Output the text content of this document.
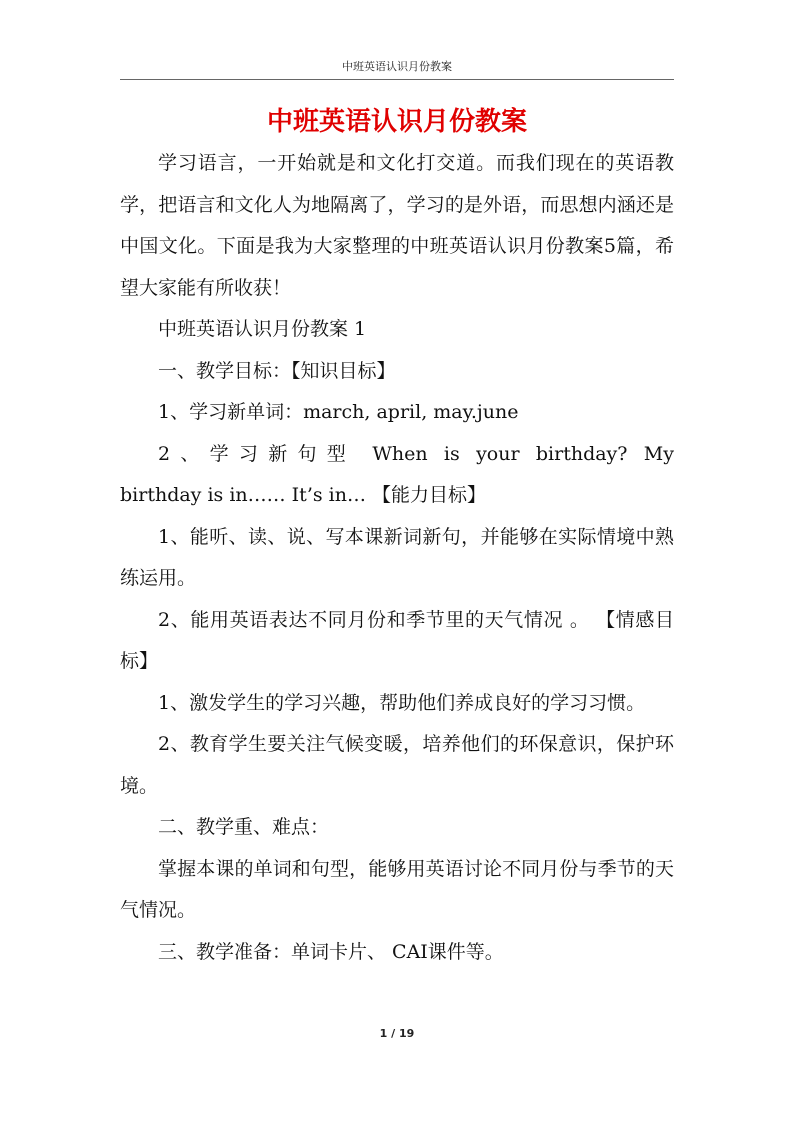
中班英语认识月份教案
中班英语认识月份教案

学习语言，一开始就是和文化打交道。而我们现在的英语教学，把语言和文化人为地隔离了，学习的是外语，而思想内涵还是中国文化。下面是我为大家整理的中班英语认识月份教案5篇，希望大家能有所收获！

中班英语认识月份教案 1

一、教学目标：【知识目标】

1、学习新单词：march, april, may.june

2、学习新句型 When is your birthday? My

birthday is in…… It’s in… 【能力目标】

1、能听、读、说、写本课新词新句，并能够在实际情境中熟练运用。

2、能用英语表达不同月份和季节里的天气情况 。 【情感目标】

1、激发学生的学习兴趣，帮助他们养成良好的学习习惯。

2、教育学生要关注气候变暖，培养他们的环保意识，保护环境。

二、教学重、难点：

掌握本课的单词和句型，能够用英语讨论不同月份与季节的天气情况。

三、教学准备：单词卡片、 CAI课件等。

1 / 19
